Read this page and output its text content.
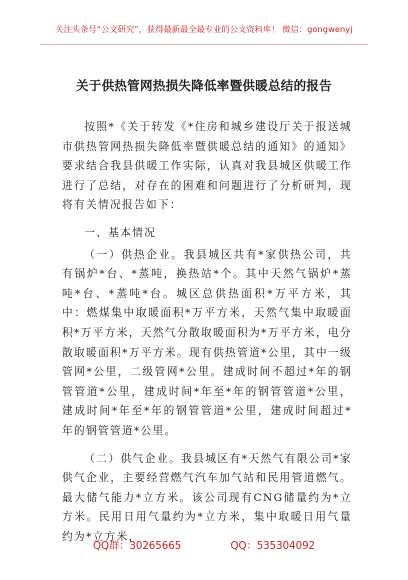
关注头条号“公文研究”，获得最新最全最专业的公文资料库！ 微信：gongwenyj
关于供热管网热损失降低率暨供暖总结的报告

按照*《关于转发《*住房和城乡建设厅关于报送城市供热管网热损失降低率暨供暖总结的通知》的通知》要求结合我县供暖工作实际，认真对我县城区供暖工作进行了总结，对存在的困难和问题进行了分析研判，现将有关情况报告如下：

一、基本情况

（一）供热企业。我县城区共有*家供热公司，共有锅炉*台、*蒸吨，换热站*个。其中天然气锅炉*蒸吨*台、*蒸吨*台。城区总供热面积*万平方米，其中：燃煤集中取暖面积*万平方米，天然气集中取暖面积*万平方米，天然气分散取暖面积为*万平方米，电分散取暖面积*万平方米。现有供热管道*公里，其中一级管网*公里，二级管网*公里。建成时间不超过*年的钢管管道*公里，建成时间*年至*年的钢管管道*公里，建成时间*年至*年的钢管管道*公里，建成时间超过*年的钢管管道*公里。

（二）供气企业。我县城区有*天然气有限公司*家供气企业，主要经营燃气汽车加气站和民用管道燃气。最大储气能力*立方米。该公司现有CNG储量约为*立方米。民用日用气量约为*立方米，集中取暖日用气量约为*立方米，

QQ群：30265665	QQ：535304092
